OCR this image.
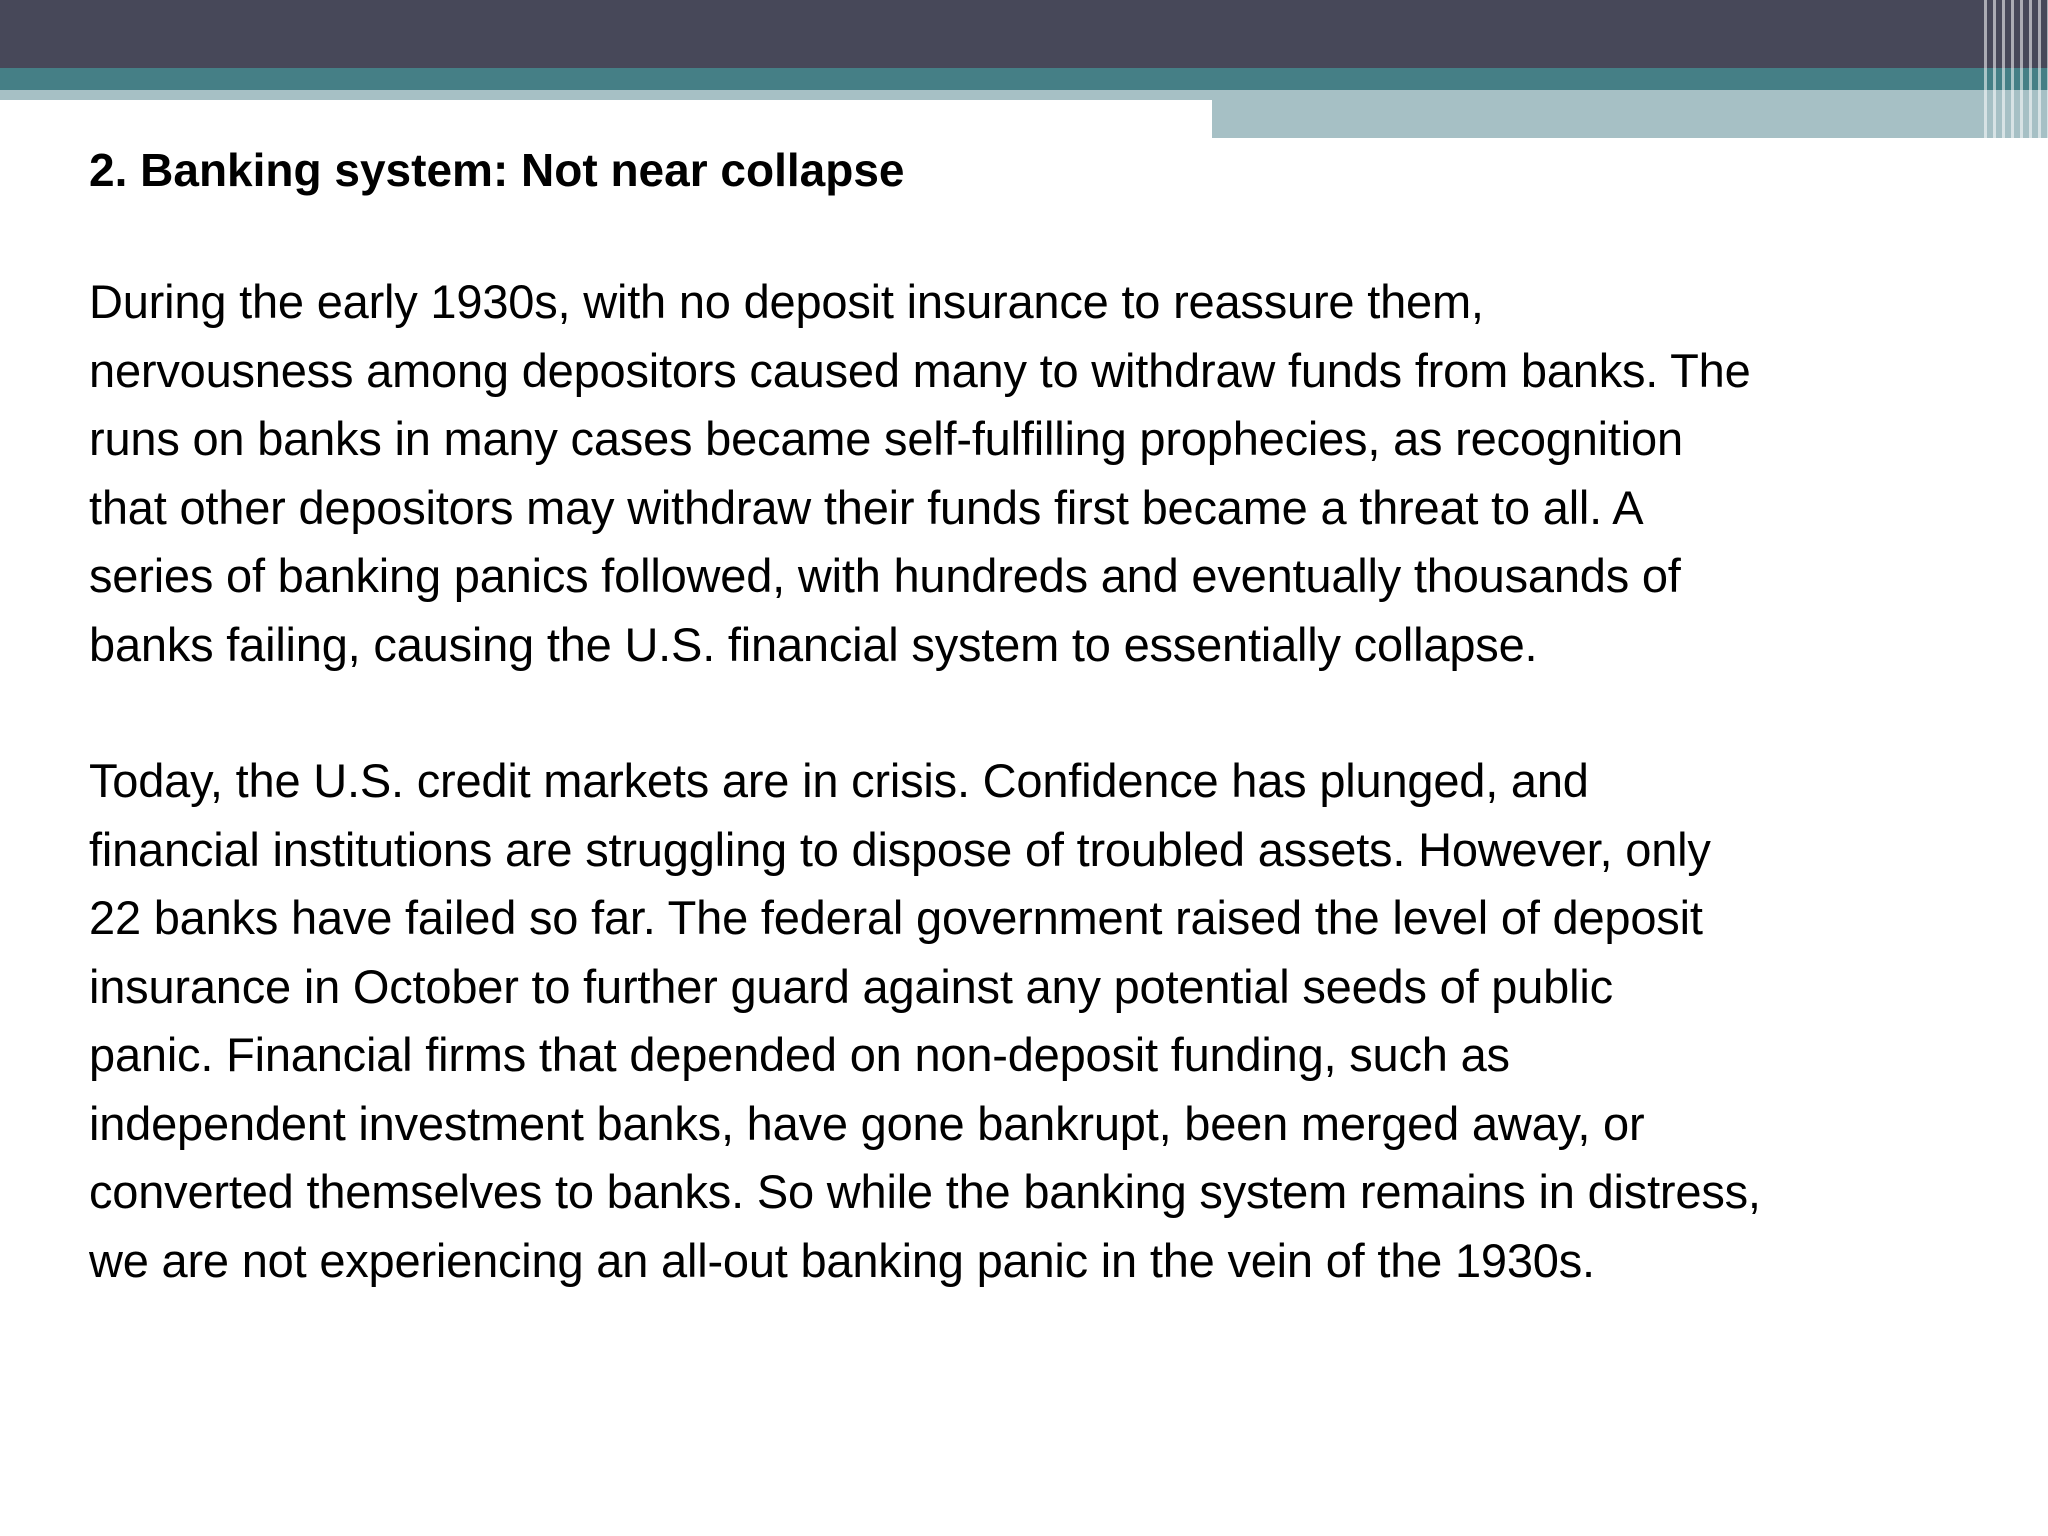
2. Banking system: Not near collapse
During the early 1930s, with no deposit insurance to reassure them,
nervousness among depositors caused many to withdraw funds from banks. The
runs on banks in many cases became self-fulfilling prophecies, as recognition
that other depositors may withdraw their funds first became a threat to all. A
series of banking panics followed, with hundreds and eventually thousands of
banks failing, causing the U.S. financial system to essentially collapse.
Today, the U.S. credit markets are in crisis. Confidence has plunged, and
financial institutions are struggling to dispose of troubled assets. However, only
22 banks have failed so far. The federal government raised the level of deposit
insurance in October to further guard against any potential seeds of public
panic. Financial firms that depended on non-deposit funding, such as
independent investment banks, have gone bankrupt, been merged away, or
converted themselves to banks. So while the banking system remains in distress,
we are not experiencing an all-out banking panic in the vein of the 1930s.
